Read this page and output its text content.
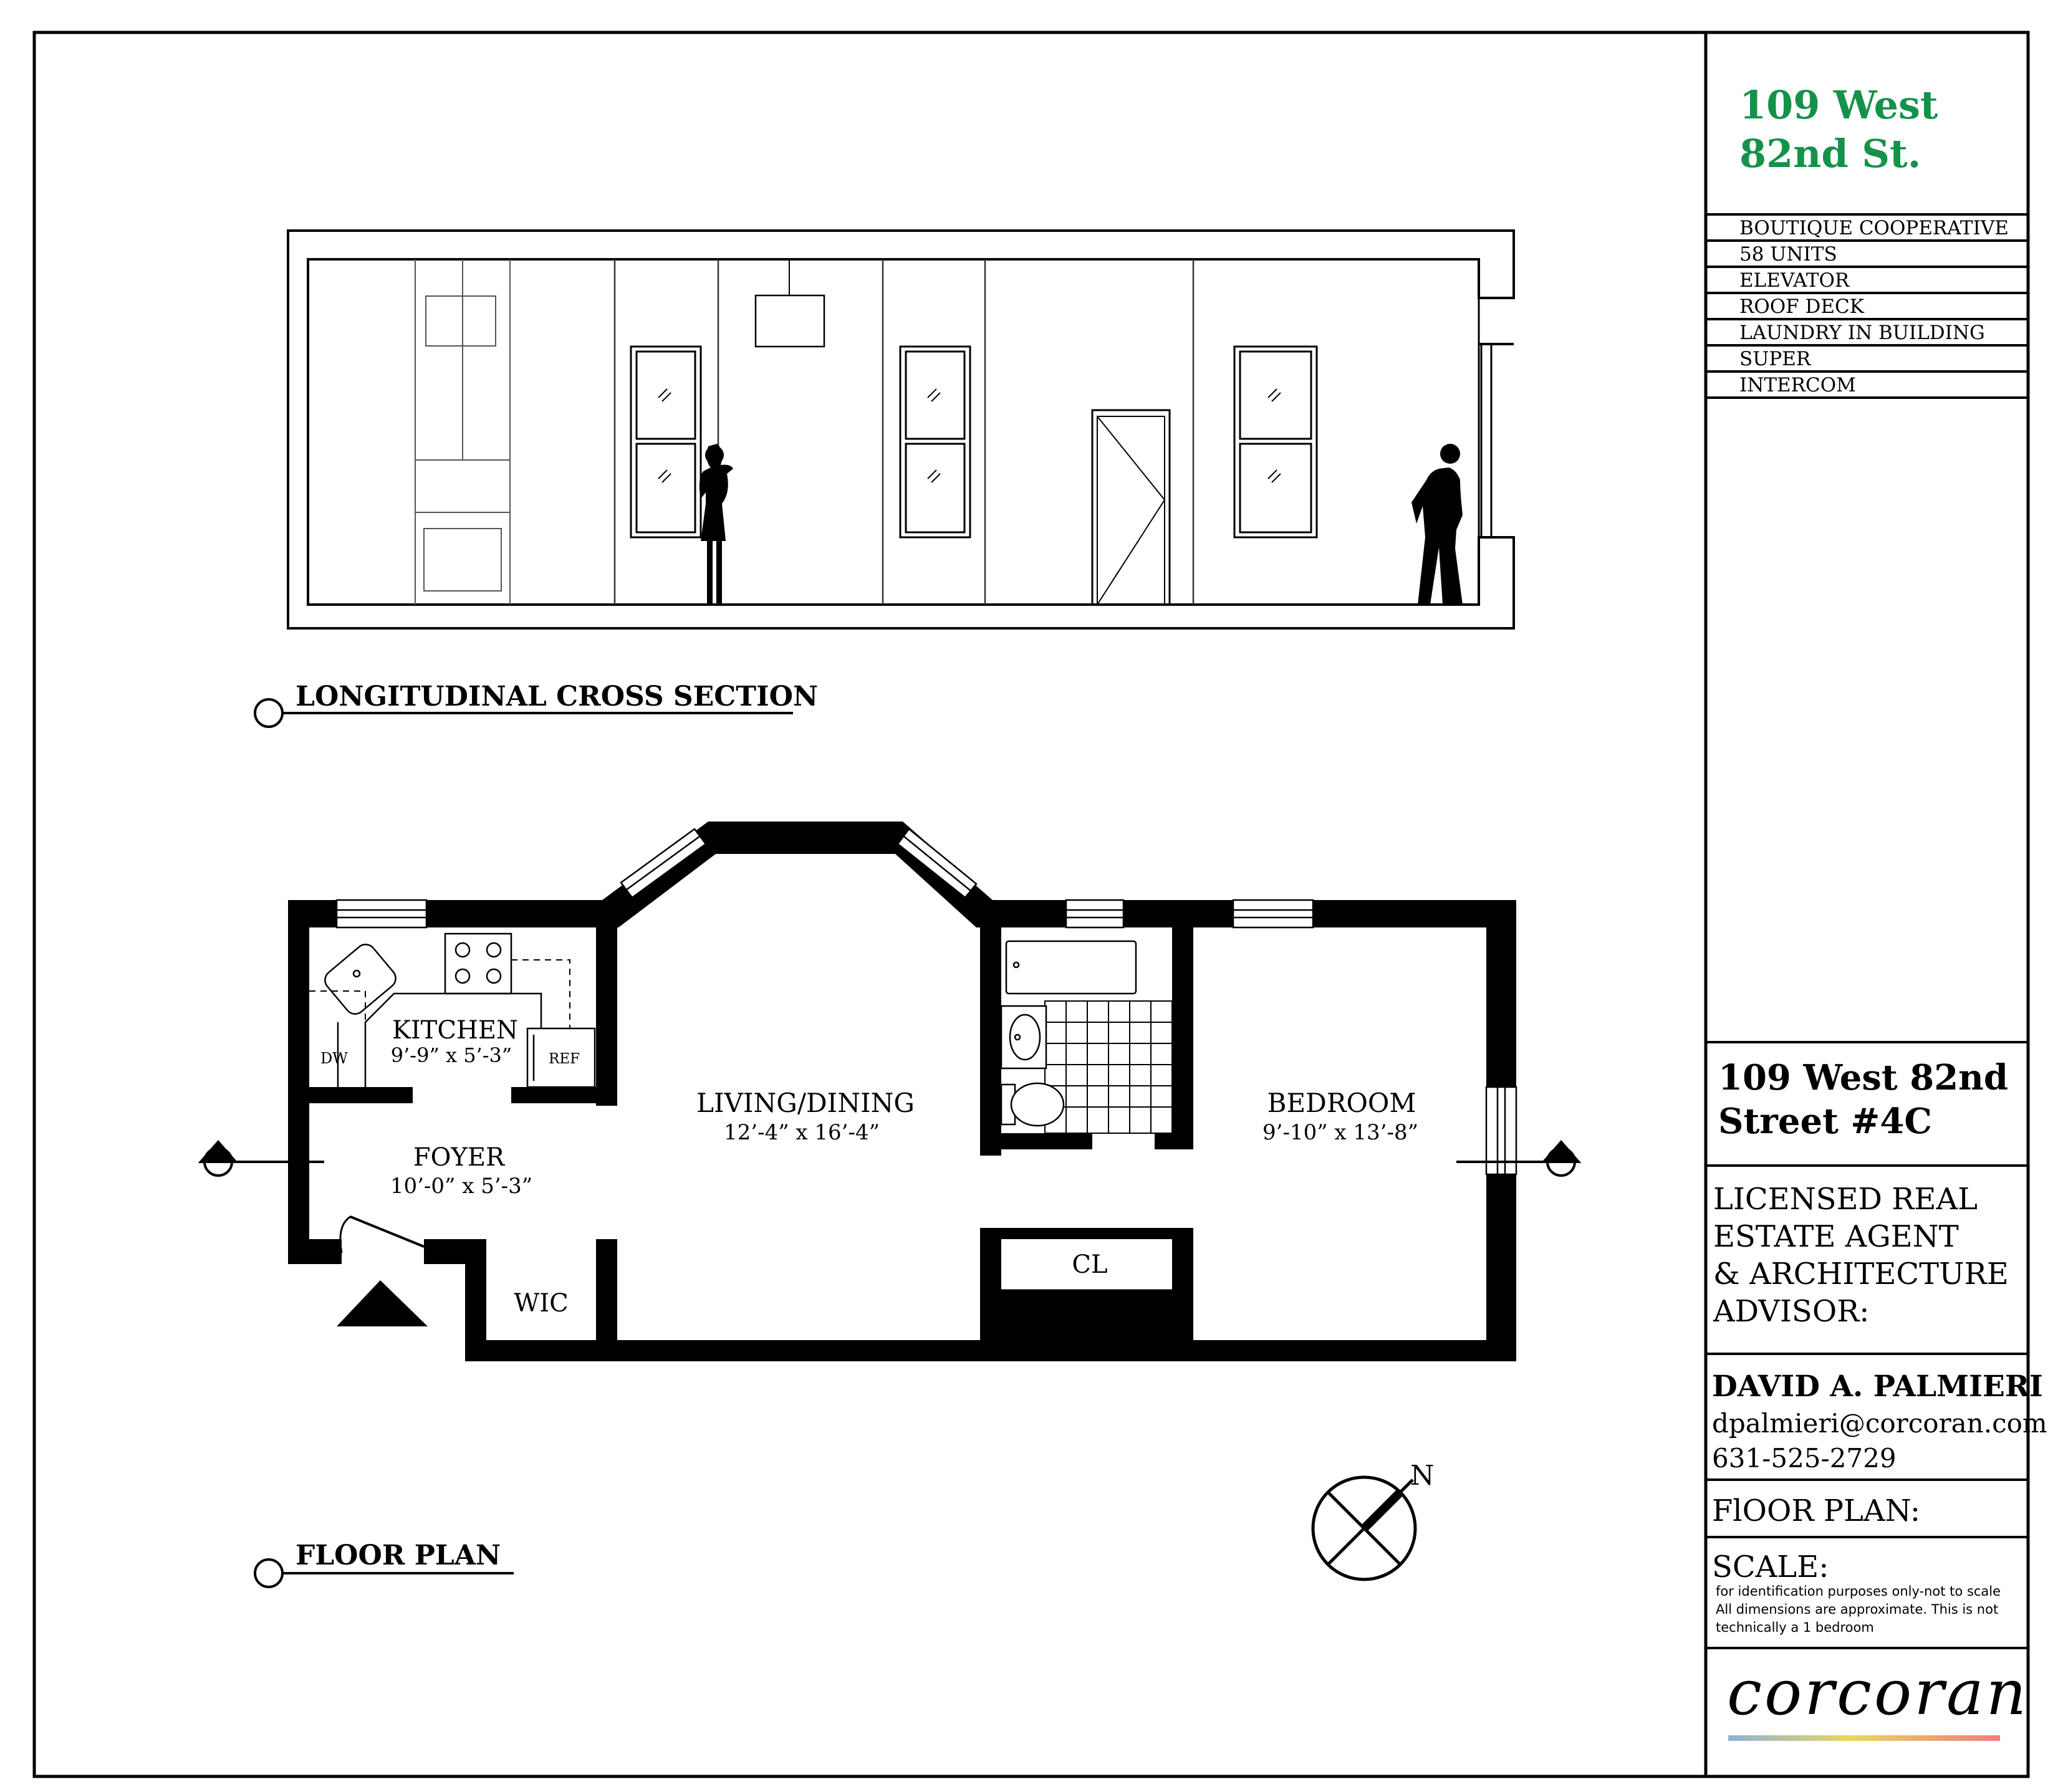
109 West
82nd St.
BOUTIQUE COOPERATIVE
58 UNITS
ELEVATOR
ROOF DECK
LAUNDRY IN BUILDING
SUPER
INTERCOM
109 West 82nd
Street #4C
LICENSED REAL
ESTATE AGENT
& ARCHITECTURE
ADVISOR:
DAVID A. PALMIERI
dpalmieri@corcoran.com
631-525-2729
FlOOR PLAN:
SCALE:
for identification purposes only-not to scale
All dimensions are approximate. This is not
technically a 1 bedroom
corcoran
LONGITUDINAL CROSS SECTION
DW	REF
KITCHEN
9’-9” x 5’-3”
LIVING/DINING
12’-4” x 16’-4”
BEDROOM
9’-10” x 13’-8”
FOYER
10’-0” x 5’-3”
WIC
CL
N
FLOOR PLAN
